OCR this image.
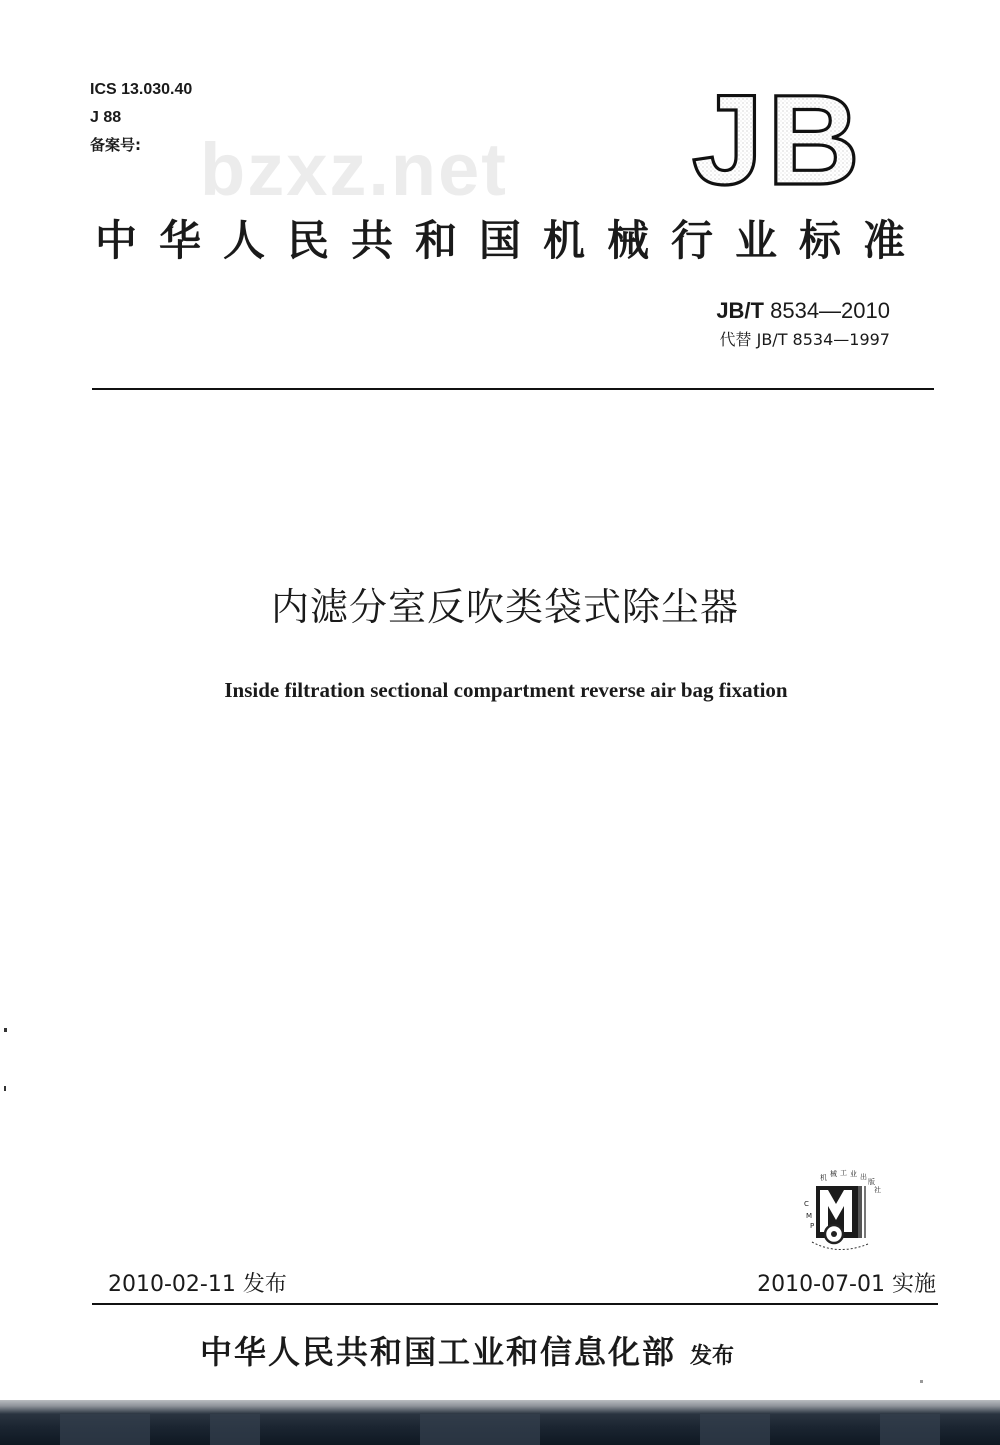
ICS 13.030.40
J 88
备案号: bzxz.net JB
中华人民共和国机械行业标准
JB/T 8534—2010
代替 JB/T 8534—1997
内滤分室反吹类袋式除尘器
Inside filtration sectional compartment reverse air bag fixation
机 械 工 业 出
版
社
C
M
P
2010-02-11 发布	2010-07-01 实施
中华人民共和国工业和信息化部 发布
